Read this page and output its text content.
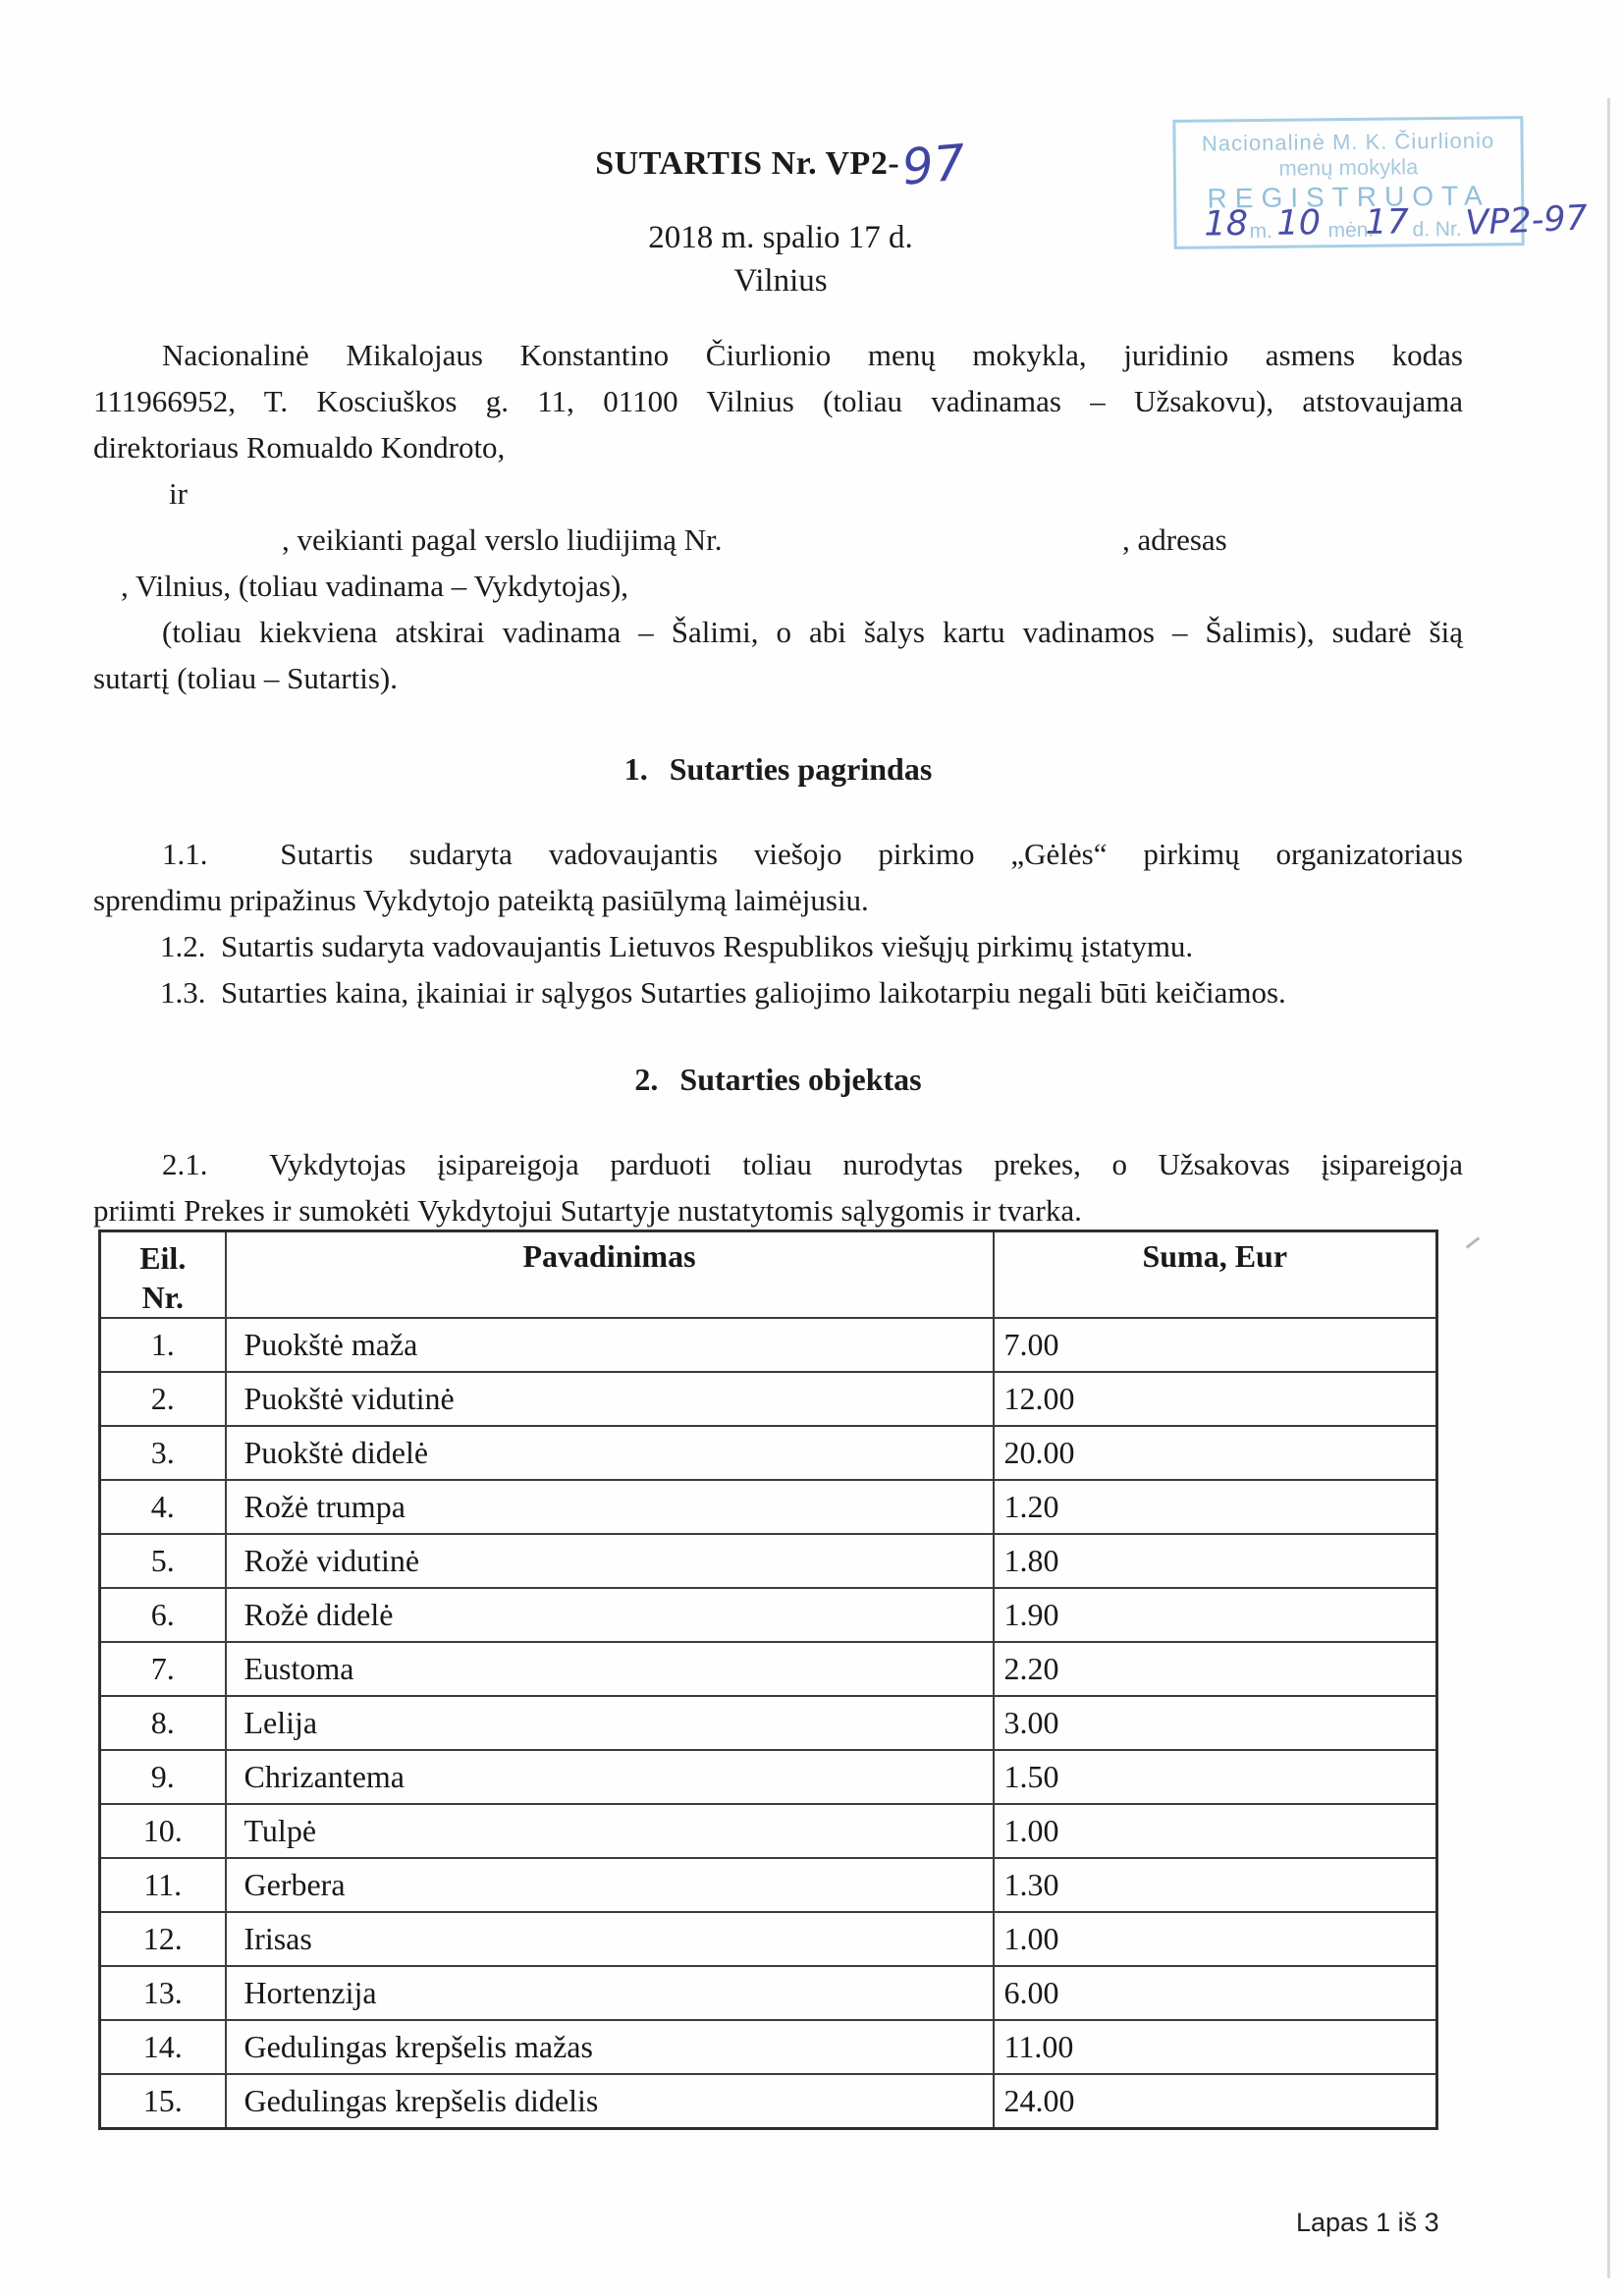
SUTARTIS Nr. VP2-97	Nacionalinė M. K. Čiurlionio
menų mokykla
REGISTRUOTA
18 m. 10 mėn.
17 d. Nr. VP2-97
2018 m. spalio 17 d.
Vilnius
Nacionalinė Mikalojaus Konstantino Čiurlionio menų mokykla, juridinio asmens kodas
111966952, T. Kosciuškos g. 11, 01100 Vilnius (toliau vadinamas – Užsakovu), atstovaujama
direktoriaus Romualdo Kondroto,
ir
, veikianti pagal verslo liudijimą Nr.	, adresas
, Vilnius, (toliau vadinama – Vykdytojas),
(toliau kiekviena atskirai vadinama – Šalimi, o abi šalys kartu vadinamos – Šalimis), sudarė šią
sutartį (toliau – Sutartis).
1. Sutarties pagrindas
1.1.  Sutartis sudaryta vadovaujantis viešojo pirkimo „Gėlės“ pirkimų organizatoriaus
sprendimu pripažinus Vykdytojo pateiktą pasiūlymą laimėjusiu.
1.2.  Sutartis sudaryta vadovaujantis Lietuvos Respublikos viešųjų pirkimų įstatymu.
1.3.  Sutarties kaina, įkainiai ir sąlygos Sutarties galiojimo laikotarpiu negali būti keičiamos.
2. Sutarties objektas
2.1.  Vykdytojas įsipareigoja parduoti toliau nurodytas prekes, o Užsakovas įsipareigoja
priimti Prekes ir sumokėti Vykdytojui Sutartyje nustatytomis sąlygomis ir tvarka.
Eil.
Nr.	Pavadinimas	Suma, Eur
1.	Puokštė maža	7.00
2.	Puokštė vidutinė	12.00
3.	Puokštė didelė	20.00
4.	Rožė trumpa	1.20
5.	Rožė vidutinė	1.80
6.	Rožė didelė	1.90
7.	Eustoma	2.20
8.	Lelija	3.00
9.	Chrizantema	1.50
10.	Tulpė	1.00
11.	Gerbera	1.30
12.	Irisas	1.00
13.	Hortenzija	6.00
14.	Gedulingas krepšelis mažas	11.00
15.	Gedulingas krepšelis didelis	24.00
Lapas 1 iš 3
